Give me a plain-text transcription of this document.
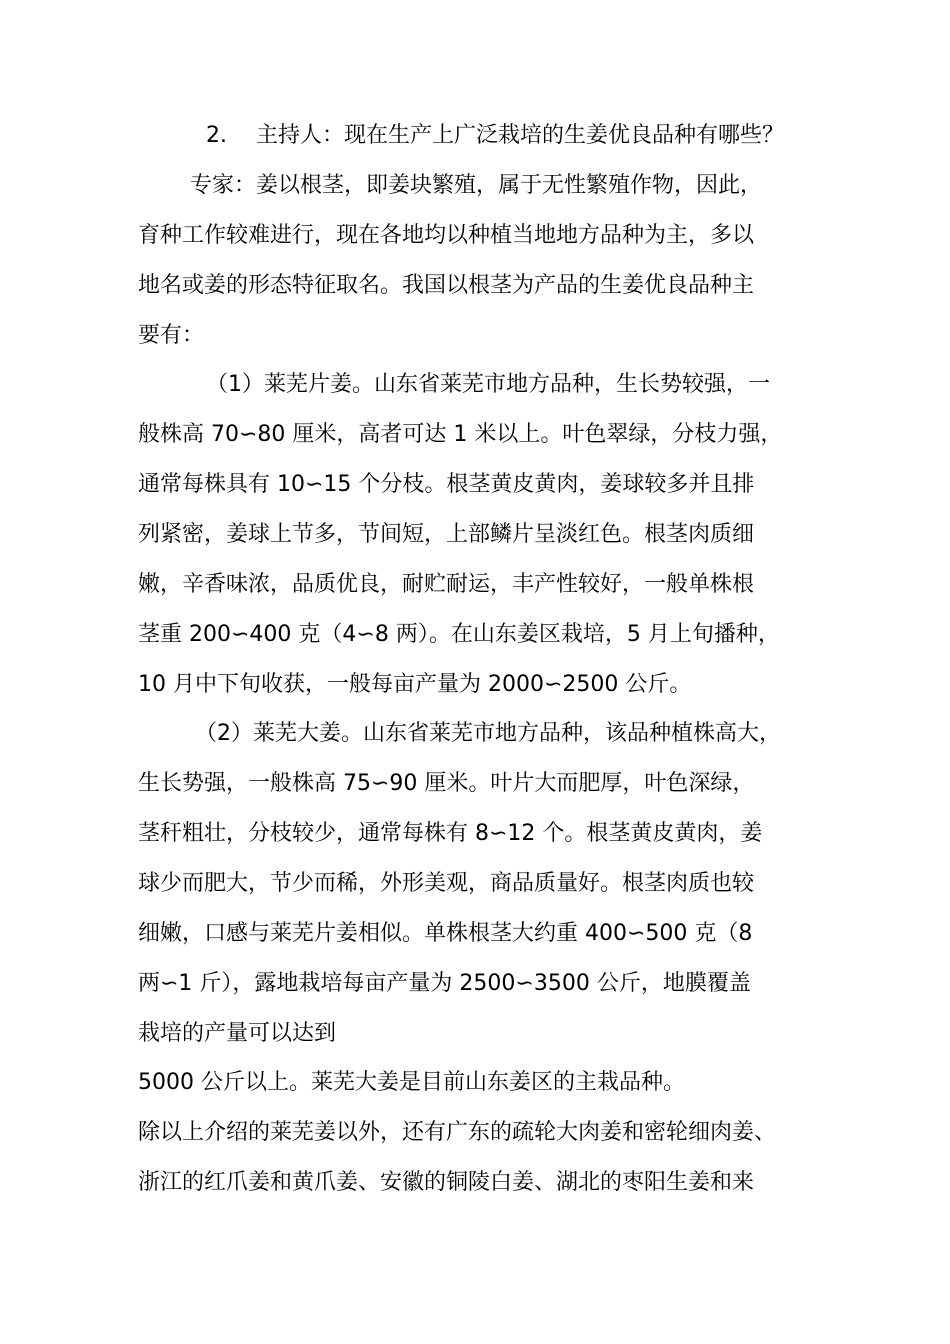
2. 主持人：现在生产上广泛栽培的生姜优良品种有哪些？
专家：姜以根茎，即姜块繁殖，属于无性繁殖作物，因此，
育种工作较难进行，现在各地均以种植当地地方品种为主，多以
地名或姜的形态特征取名。我国以根茎为产品的生姜优良品种主
要有：
（1）莱芜片姜。山东省莱芜市地方品种，生长势较强，一
般株高 70∽80 厘米，高者可达 1 米以上。叶色翠绿，分枝力强，
通常每株具有 10∽15 个分枝。根茎黄皮黄肉，姜球较多并且排
列紧密，姜球上节多，节间短，上部鳞片呈淡红色。根茎肉质细
嫩，辛香味浓，品质优良，耐贮耐运，丰产性较好，一般单株根
茎重 200∽400 克（4∽8 两）。在山东姜区栽培，5 月上旬播种，
10 月中下旬收获，一般每亩产量为 2000∽2500 公斤。
（2）莱芜大姜。山东省莱芜市地方品种，该品种植株高大，
生长势强，一般株高 75∽90 厘米。叶片大而肥厚，叶色深绿，
茎秆粗壮，分枝较少，通常每株有 8∽12 个。根茎黄皮黄肉，姜
球少而肥大，节少而稀，外形美观，商品质量好。根茎肉质也较
细嫩，口感与莱芜片姜相似。单株根茎大约重 400∽500 克（8
两∽1 斤），露地栽培每亩产量为 2500∽3500 公斤，地膜覆盖
栽培的产量可以达到
5000 公斤以上。莱芜大姜是目前山东姜区的主栽品种。
除以上介绍的莱芜姜以外，还有广东的疏轮大肉姜和密轮细肉姜、
浙江的红爪姜和黄爪姜、安徽的铜陵白姜、湖北的枣阳生姜和来
